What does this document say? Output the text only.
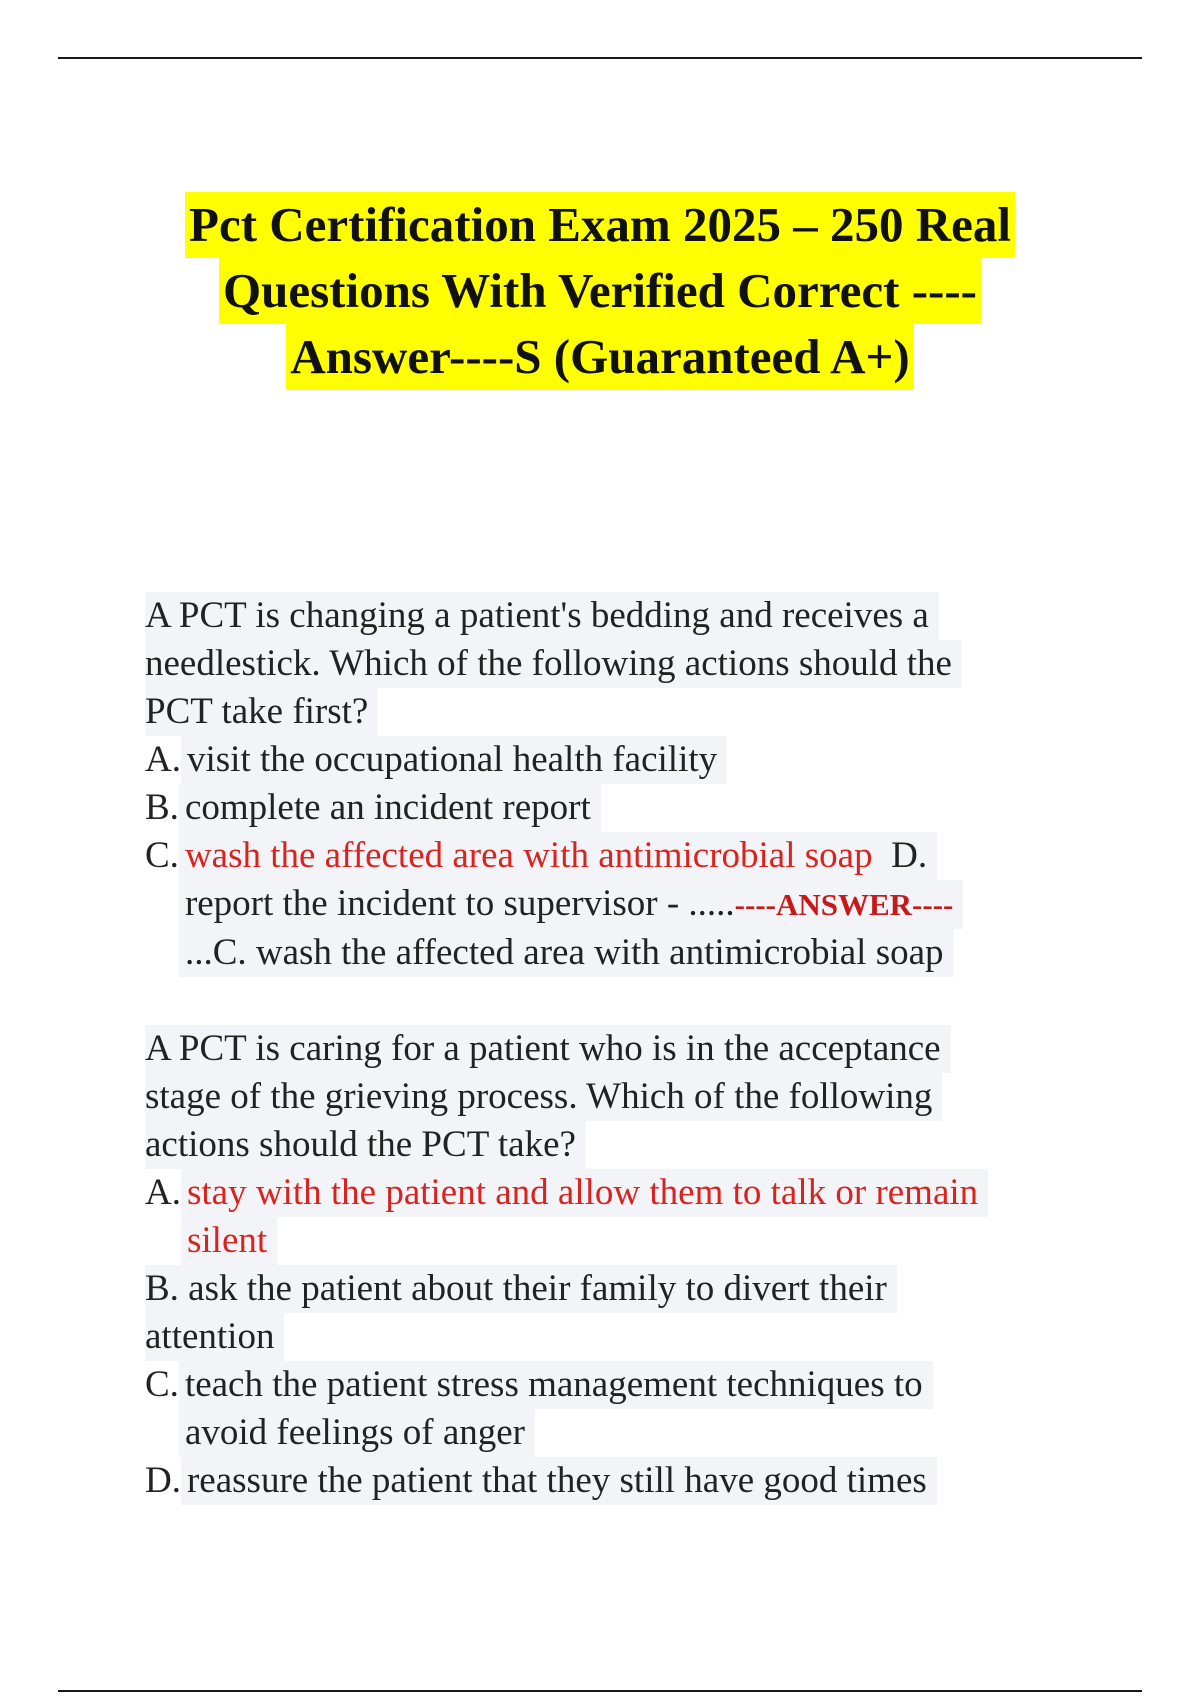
Pct Certification Exam 2025 – 250 Real
Questions With Verified Correct ----
Answer----S (Guaranteed A+)
A PCT is changing a patient's bedding and receives a
needlestick. Which of the following actions should the
PCT take first?
A. visit the occupational health facility
B. complete an incident report
C. wash the affected area with antimicrobial soap D.
report the incident to supervisor - .....----ANSWER----
...C. wash the affected area with antimicrobial soap
A PCT is caring for a patient who is in the acceptance
stage of the grieving process. Which of the following
actions should the PCT take?
A. stay with the patient and allow them to talk or remain
silent
B. ask the patient about their family to divert their
attention
C. teach the patient stress management techniques to
avoid feelings of anger
D. reassure the patient that they still have good times
